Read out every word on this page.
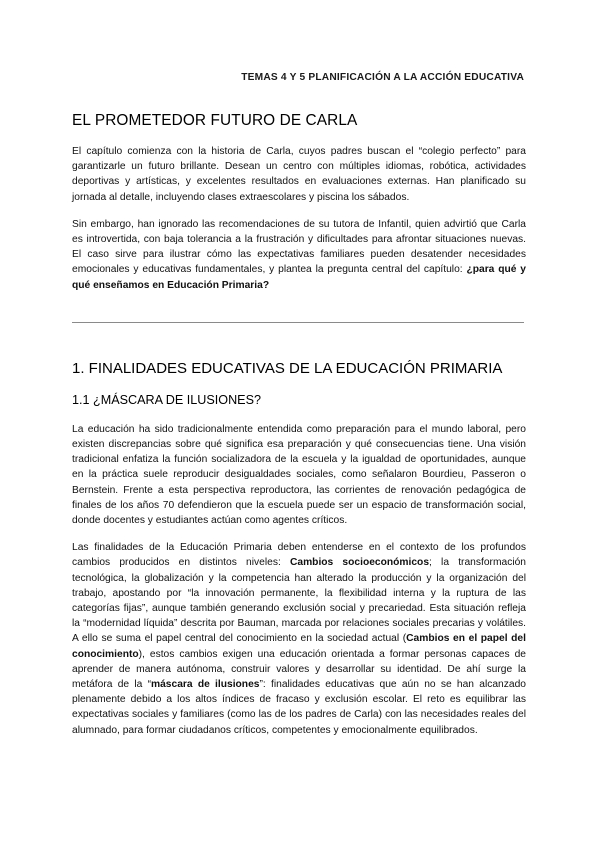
TEMAS 4 Y 5 PLANIFICACIÓN A LA ACCIÓN EDUCATIVA
EL PROMETEDOR FUTURO DE CARLA

El capítulo comienza con la historia de Carla, cuyos padres buscan el “colegio perfecto” para garantizarle un futuro brillante. Desean un centro con múltiples idiomas, robótica, actividades deportivas y artísticas, y excelentes resultados en evaluaciones externas. Han planificado su jornada al detalle, incluyendo clases extraescolares y piscina los sábados.

Sin embargo, han ignorado las recomendaciones de su tutora de Infantil, quien advirtió que Carla es introvertida, con baja tolerancia a la frustración y dificultades para afrontar situaciones nuevas. El caso sirve para ilustrar cómo las expectativas familiares pueden desatender necesidades emocionales y educativas fundamentales, y plantea la pregunta central del capítulo: ¿para qué y qué enseñamos en Educación Primaria?

1. FINALIDADES EDUCATIVAS DE LA EDUCACIÓN PRIMARIA
1.1 ¿MÁSCARA DE ILUSIONES?

La educación ha sido tradicionalmente entendida como preparación para el mundo laboral, pero existen discrepancias sobre qué significa esa preparación y qué consecuencias tiene. Una visión tradicional enfatiza la función socializadora de la escuela y la igualdad de oportunidades, aunque en la práctica suele reproducir desigualdades sociales, como señalaron Bourdieu, Passeron o Bernstein. Frente a esta perspectiva reproductora, las corrientes de renovación pedagógica de finales de los años 70 defendieron que la escuela puede ser un espacio de transformación social, donde docentes y estudiantes actúan como agentes críticos.

Las finalidades de la Educación Primaria deben entenderse en el contexto de los profundos cambios producidos en distintos niveles: Cambios socioeconómicos; la transformación tecnológica, la globalización y la competencia han alterado la producción y la organización del trabajo, apostando por “la innovación permanente, la flexibilidad interna y la ruptura de las categorías fijas”, aunque también generando exclusión social y precariedad. Esta situación refleja la “modernidad líquida” descrita por Bauman, marcada por relaciones sociales precarias y volátiles. A ello se suma el papel central del conocimiento en la sociedad actual (Cambios en el papel del conocimiento), estos cambios exigen una educación orientada a formar personas capaces de aprender de manera autónoma, construir valores y desarrollar su identidad. De ahí surge la metáfora de la “máscara de ilusiones”: finalidades educativas que aún no se han alcanzado plenamente debido a los altos índices de fracaso y exclusión escolar. El reto es equilibrar las expectativas sociales y familiares (como las de los padres de Carla) con las necesidades reales del alumnado, para formar ciudadanos críticos, competentes y emocionalmente equilibrados.
